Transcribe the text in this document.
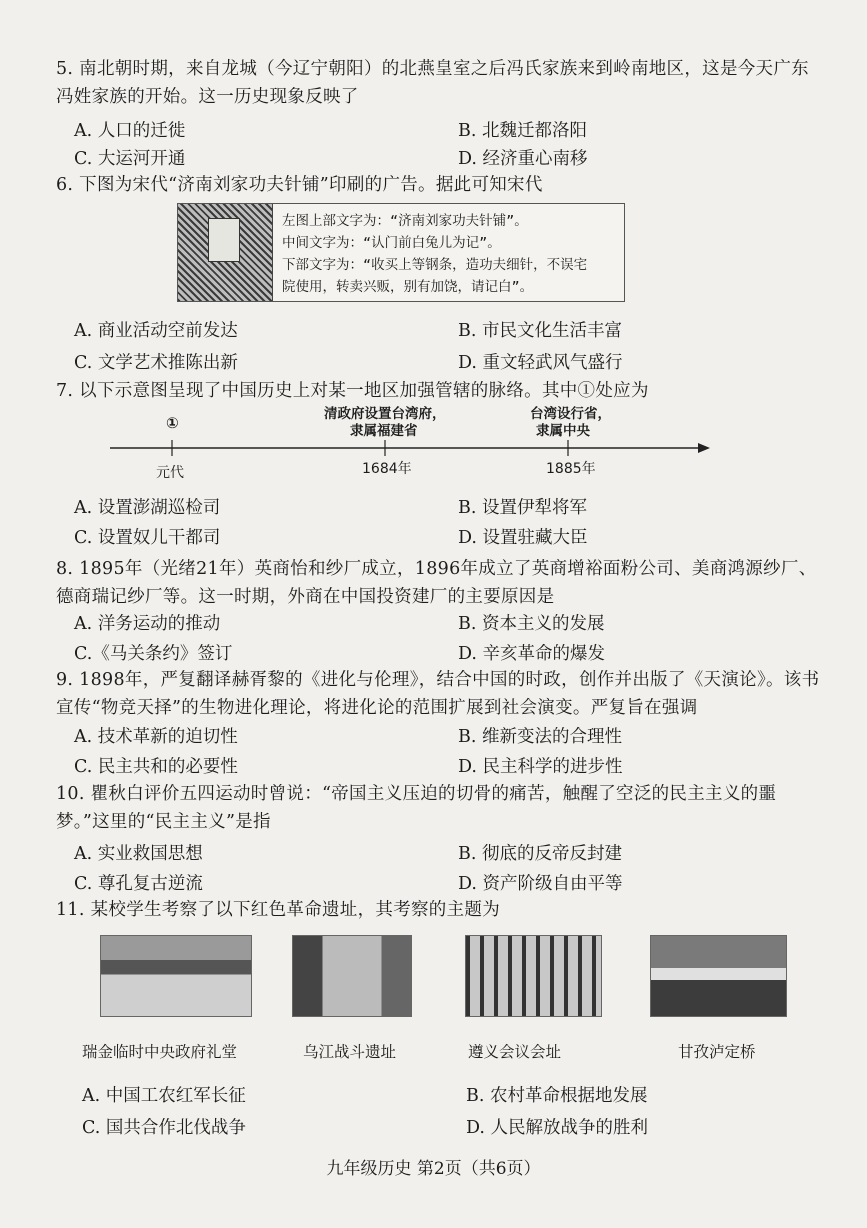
5. 南北朝时期，来自龙城（今辽宁朝阳）的北燕皇室之后冯氏家族来到岭南地区，这是今天广东
冯姓家族的开始。这一历史现象反映了
A. 人口的迁徙	B. 北魏迁都洛阳
C. 大运河开通	D. 经济重心南移
6. 下图为宋代“济南刘家功夫针铺”印刷的广告。据此可知宋代
左图上部文字为：“济南刘家功夫针铺”。
中间文字为：“认门前白兔儿为记”。
下部文字为：“收买上等钢条，造功夫细针，不误宅
院使用，转卖兴贩，别有加饶，请记白”。
A. 商业活动空前发达	B. 市民文化生活丰富
C. 文学艺术推陈出新	D. 重文轻武风气盛行
7. 以下示意图呈现了中国历史上对某一地区加强管辖的脉络。其中①处应为
①	清政府设置台湾府，
隶属福建省
台湾设行省，
隶属中央
元代	1684年	1885年
A. 设置澎湖巡检司	B. 设置伊犁将军
C. 设置奴儿干都司	D. 设置驻藏大臣
8. 1895年（光绪21年）英商怡和纱厂成立，1896年成立了英商增裕面粉公司、美商鸿源纱厂、
德商瑞记纱厂等。这一时期，外商在中国投资建厂的主要原因是
A. 洋务运动的推动	B. 资本主义的发展
C.《马关条约》签订	D. 辛亥革命的爆发
9. 1898年，严复翻译赫胥黎的《进化与伦理》，结合中国的时政，创作并出版了《天演论》。该书
宣传“物竞天择”的生物进化理论，将进化论的范围扩展到社会演变。严复旨在强调
A. 技术革新的迫切性	B. 维新变法的合理性
C. 民主共和的必要性	D. 民主科学的进步性
10. 瞿秋白评价五四运动时曾说：“帝国主义压迫的切骨的痛苦，触醒了空泛的民主主义的噩
梦。”这里的“民主主义”是指
A. 实业救国思想	B. 彻底的反帝反封建
C. 尊孔复古逆流	D. 资产阶级自由平等
11. 某校学生考察了以下红色革命遗址，其考察的主题为
瑞金临时中央政府礼堂	乌江战斗遗址	遵义会议会址	甘孜泸定桥
A. 中国工农红军长征	B. 农村革命根据地发展
C. 国共合作北伐战争	D. 人民解放战争的胜利
九年级历史 第2页（共6页）
